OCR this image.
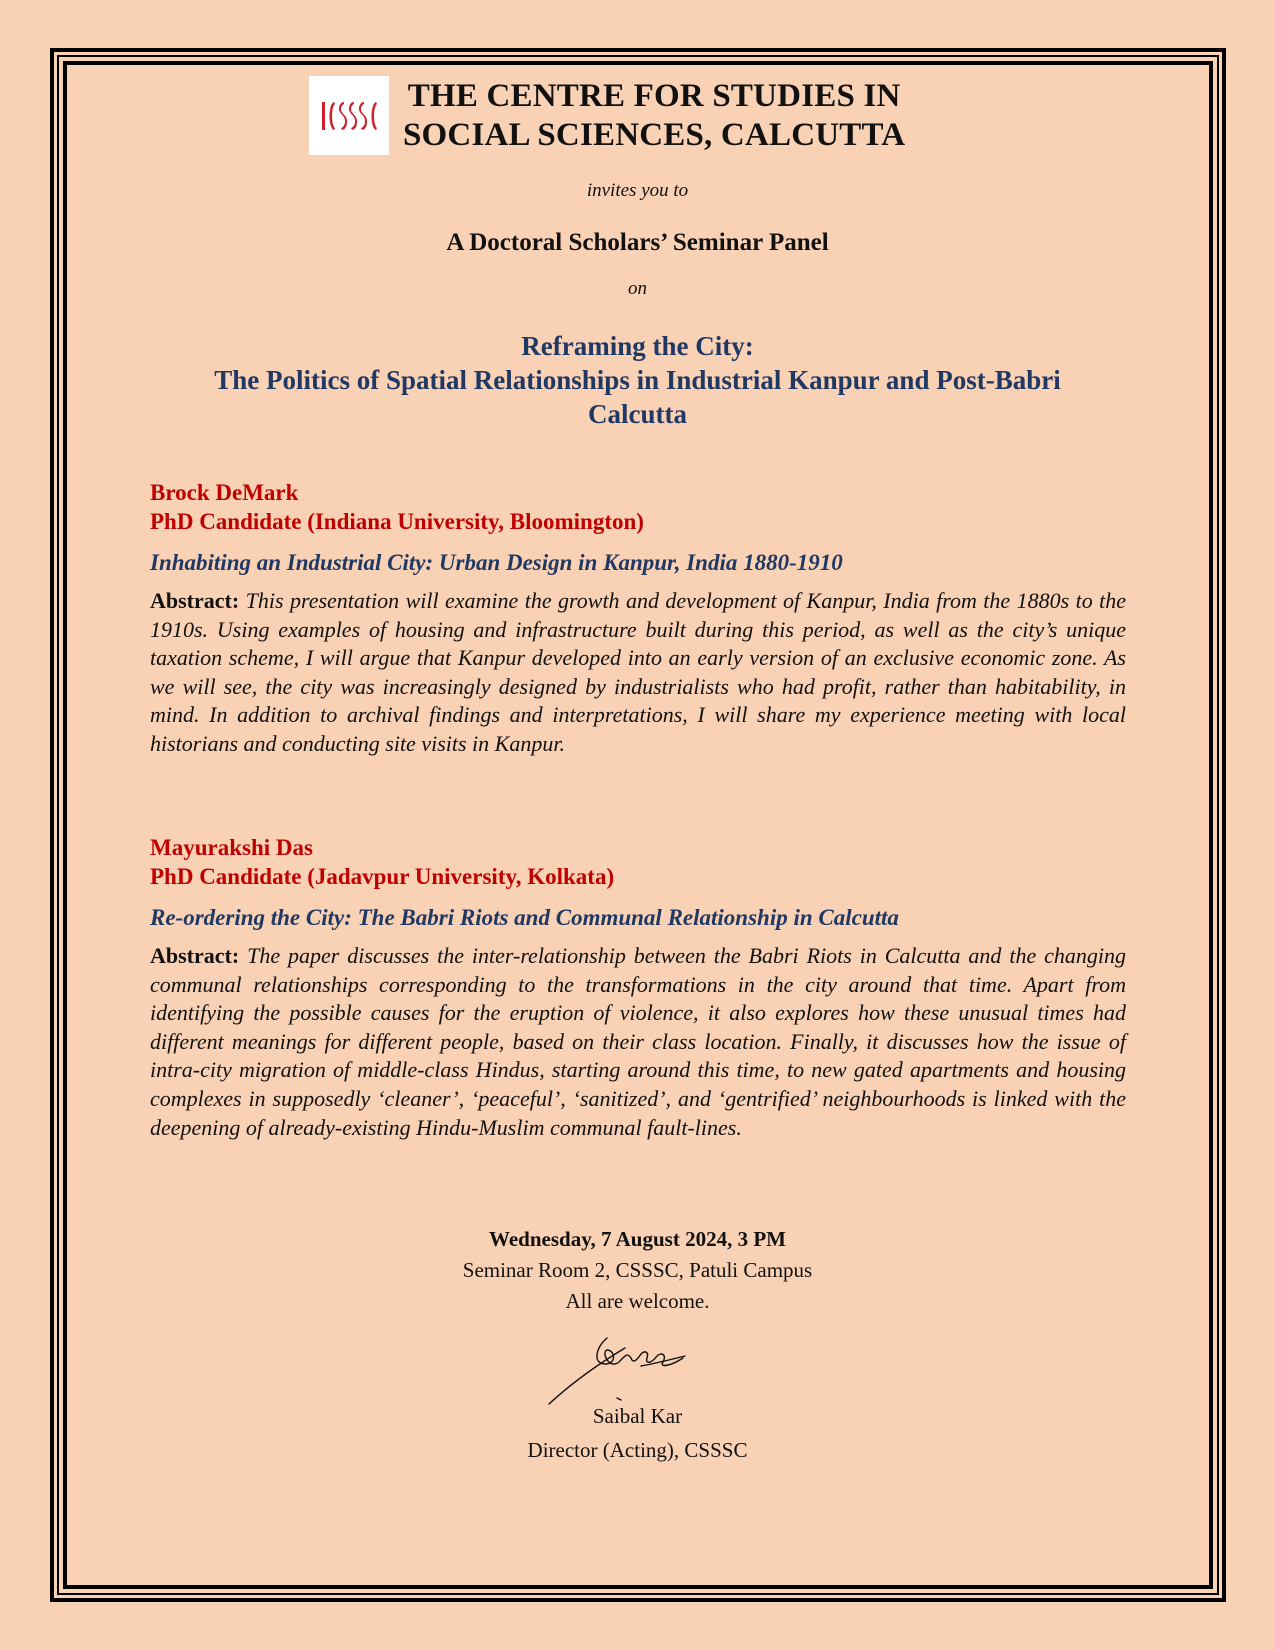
THE CENTRE FOR STUDIES IN
SOCIAL SCIENCES, CALCUTTA
invites you to
A Doctoral Scholars’ Seminar Panel
on
Reframing the City:
The Politics of Spatial Relationships in Industrial Kanpur and Post-Babri
Calcutta
Brock DeMark
PhD Candidate (Indiana University, Bloomington)
Inhabiting an Industrial City: Urban Design in Kanpur, India 1880-1910
Abstract: This presentation will examine the growth and development of Kanpur, India from the 1880s to the 1910s. Using examples of housing and infrastructure built during this period, as well as the city’s unique taxation scheme, I will argue that Kanpur developed into an early version of an exclusive economic zone. As we will see, the city was increasingly designed by industrialists who had profit, rather than habitability, in mind. In addition to archival findings and interpretations, I will share my experience meeting with local historians and conducting site visits in Kanpur.
Mayurakshi Das
PhD Candidate (Jadavpur University, Kolkata)
Re-ordering the City: The Babri Riots and Communal Relationship in Calcutta
Abstract: The paper discusses the inter-relationship between the Babri Riots in Calcutta and the changing communal relationships corresponding to the transformations in the city around that time. Apart from identifying the possible causes for the eruption of violence, it also explores how these unusual times had different meanings for different people, based on their class location. Finally, it discusses how the issue of intra-city migration of middle-class Hindus, starting around this time, to new gated apartments and housing complexes in supposedly ‘cleaner’, ‘peaceful’, ‘sanitized’, and ‘gentrified’ neighbourhoods is linked with the deepening of already-existing Hindu-Muslim communal fault-lines.
Wednesday, 7 August 2024, 3 PM
Seminar Room 2, CSSSC, Patuli Campus
All are welcome.
Saibal Kar
Director (Acting), CSSSC
